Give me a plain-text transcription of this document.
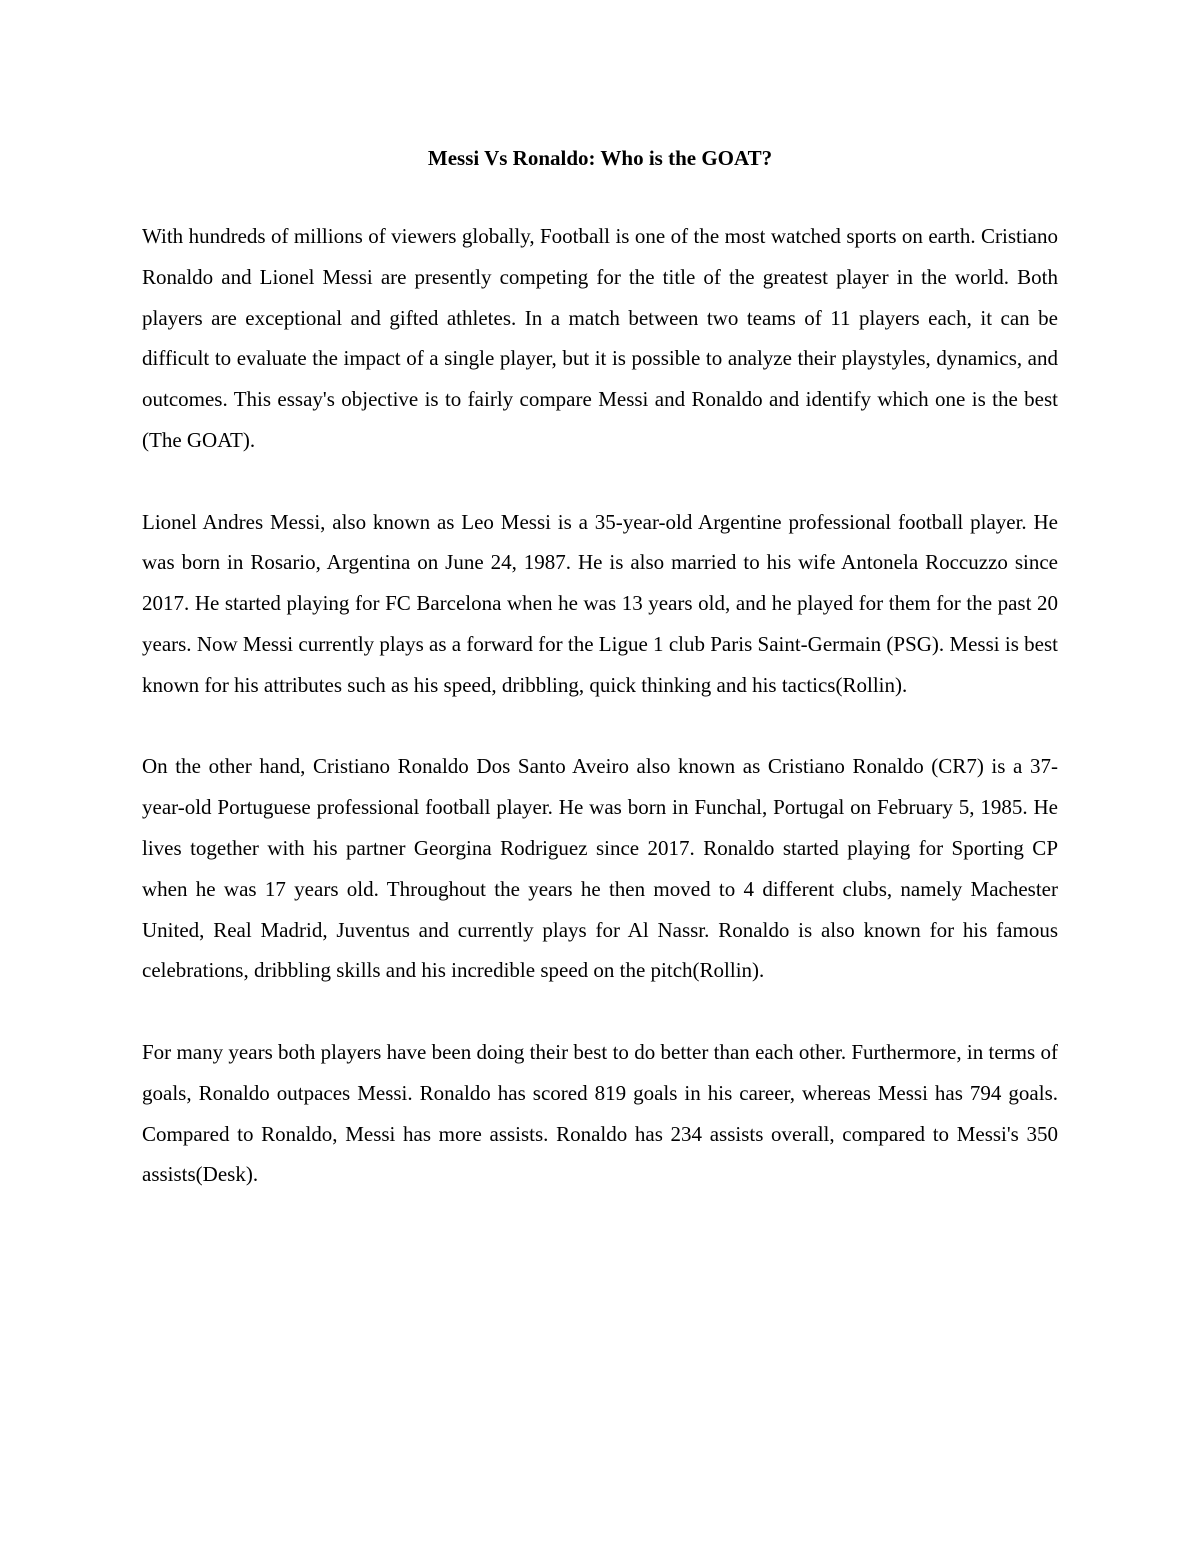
Messi Vs Ronaldo: Who is the GOAT?

With hundreds of millions of viewers globally, Football is one of the most watched sports on earth. Cristiano Ronaldo and Lionel Messi are presently competing for the title of the greatest player in the world. Both players are exceptional and gifted athletes. In a match between two teams of 11 players each, it can be difficult to evaluate the impact of a single player, but it is possible to analyze their playstyles, dynamics, and outcomes. This essay's objective is to fairly compare Messi and Ronaldo and identify which one is the best (The GOAT).

Lionel Andres Messi, also known as Leo Messi is a 35-year-old Argentine professional football player. He was born in Rosario, Argentina on June 24, 1987. He is also married to his wife Antonela Roccuzzo since 2017. He started playing for FC Barcelona when he was 13 years old, and he played for them for the past 20 years. Now Messi currently plays as a forward for the Ligue 1 club Paris Saint-Germain (PSG). Messi is best known for his attributes such as his speed, dribbling, quick thinking and his tactics(Rollin).

On the other hand, Cristiano Ronaldo Dos Santo Aveiro also known as Cristiano Ronaldo (CR7) is a 37-year-old Portuguese professional football player. He was born in Funchal, Portugal on February 5, 1985. He lives together with his partner Georgina Rodriguez since 2017. Ronaldo started playing for Sporting CP when he was 17 years old. Throughout the years he then moved to 4 different clubs, namely Machester United, Real Madrid, Juventus and currently plays for Al Nassr. Ronaldo is also known for his famous celebrations, dribbling skills and his incredible speed on the pitch(Rollin).

For many years both players have been doing their best to do better than each other. Furthermore, in terms of goals, Ronaldo outpaces Messi. Ronaldo has scored 819 goals in his career, whereas Messi has 794 goals. Compared to Ronaldo, Messi has more assists. Ronaldo has 234 assists overall, compared to Messi's 350 assists(Desk).
